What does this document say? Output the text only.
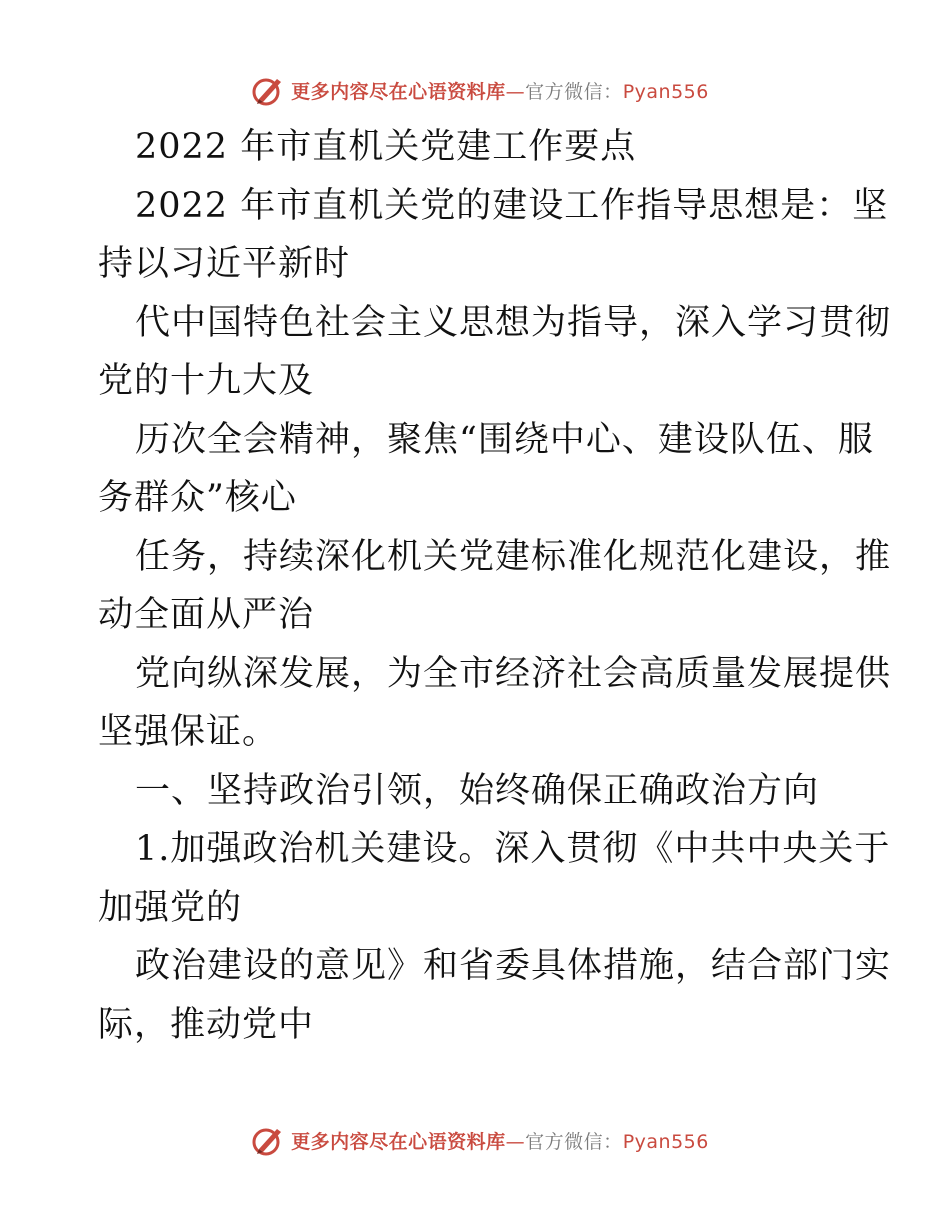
更多内容尽在心语资料库—官方微信：Pyan556
2022 年市直机关党建工作要点
2022 年市直机关党的建设工作指导思想是：坚
持以习近平新时
代中国特色社会主义思想为指导，深入学习贯彻
党的十九大及
历次全会精神，聚焦“围绕中心、建设队伍、服
务群众”核心
任务，持续深化机关党建标准化规范化建设，推
动全面从严治
党向纵深发展，为全市经济社会高质量发展提供
坚强保证。
一、坚持政治引领，始终确保正确政治方向
1.加强政治机关建设。深入贯彻《中共中央关于
加强党的
政治建设的意见》和省委具体措施，结合部门实
际，推动党中
更多内容尽在心语资料库—官方微信：Pyan556
